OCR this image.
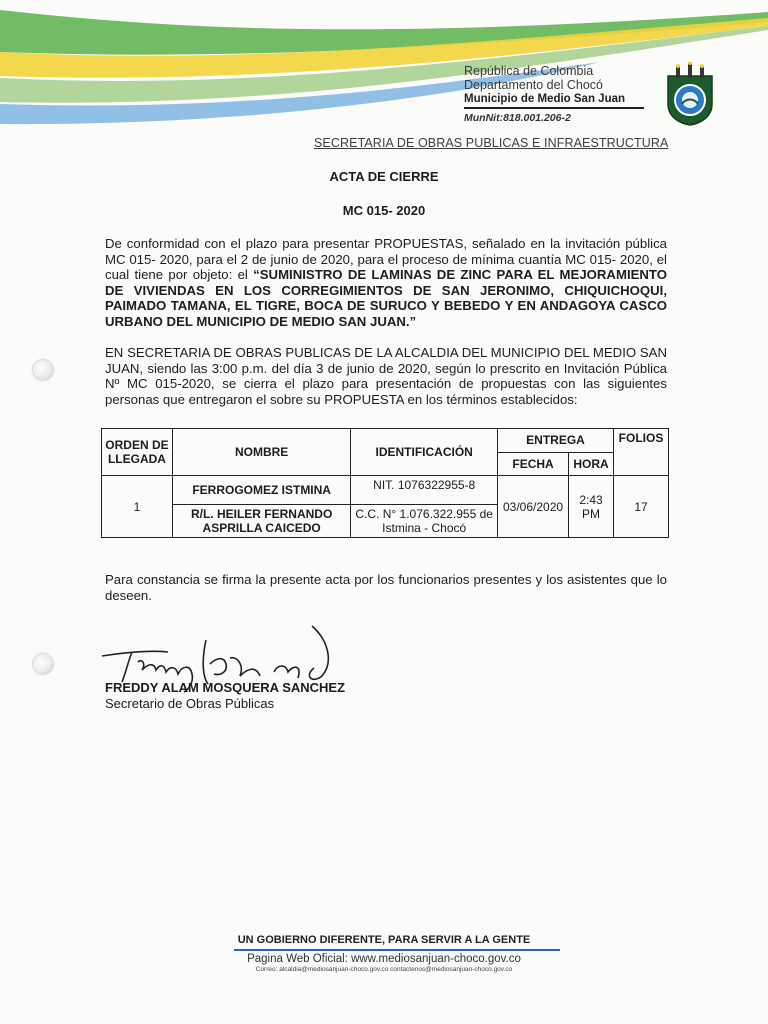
República de Colombia
Departamento del Chocó
Municipio de Medio San Juan
MunNit:818.001.206-2
SECRETARIA DE OBRAS PUBLICAS E INFRAESTRUCTURA
ACTA DE CIERRE
MC 015- 2020
De conformidad con el plazo para presentar PROPUESTAS, señalado en la invitación pública MC 015- 2020, para el 2 de junio de 2020, para el proceso de mínima cuantía MC 015- 2020, el cual tiene por objeto: el “SUMINISTRO DE LAMINAS DE ZINC PARA EL MEJORAMIENTO DE VIVIENDAS EN LOS CORREGIMIENTOS DE SAN JERONIMO, CHIQUICHOQUI, PAIMADO TAMANA, EL TIGRE, BOCA DE SURUCO Y BEBEDO Y EN ANDAGOYA CASCO URBANO DEL MUNICIPIO DE MEDIO SAN JUAN.”
EN SECRETARIA DE OBRAS PUBLICAS DE LA ALCALDIA DEL MUNICIPIO DEL MEDIO SAN JUAN, siendo las 3:00 p.m. del día 3 de junio de 2020, según lo prescrito en Invitación Pública Nº MC 015-2020, se cierra el plazo para presentación de propuestas con las siguientes personas que entregaron el sobre su PROPUESTA en los términos establecidos:
ORDEN DE LLEGADA	NOMBRE	IDENTIFICACIÓN	ENTREGA		FOLIOS
			FECHA	HORA	
1	FERROGOMEZ ISTMINA	NIT. 1076322955-8	03/06/2020	2:43 PM	17
	R/L. HEILER FERNANDO ASPRILLA CAICEDO	C.C. N° 1.076.322.955 de Istmina - Chocó			
Para constancia se firma la presente acta por los funcionarios presentes y los asistentes que lo deseen.
FREDDY ALAM MOSQUERA SANCHEZ
Secretario de Obras Públicas
UN GOBIERNO DIFERENTE, PARA SERVIR A LA GENTE
Pagina Web Oficial: www.mediosanjuan-choco.gov.co
Correo: alcaldia@mediosanjuan-choco.gov.co contactenos@mediosanjuan-choco.gov.co
